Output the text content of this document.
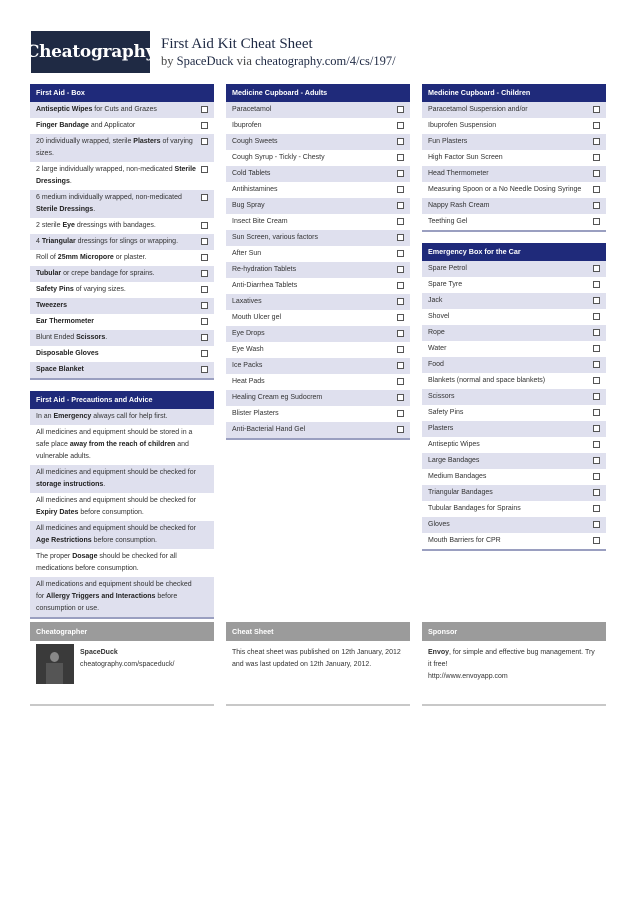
Cheatography First Aid Kit Cheat Sheet
by SpaceDuck via cheatography.com/4/cs/197/
First Aid - Box
Antiseptic Wipes for Cuts and Grazes
Finger Bandage and Applicator
20 individually wrapped, sterile Plasters of varying sizes.
2 large individually wrapped, non-medicated Sterile Dressings.
6 medium individually wrapped, non-medicated Sterile Dressings.
2 sterile Eye dressings with bandages.
4 Triangular dressings for slings or wrapping.
Roll of 25mm Micropore or plaster.
Tubular or crepe bandage for sprains.
Safety Pins of varying sizes.
Tweezers
Ear Thermometer
Blunt Ended Scissors.
Disposable Gloves
Space Blanket
First Aid - Precautions and Advice
In an Emergency always call for help first.
All medicines and equipment should be stored in a safe place away from the reach of children and vulnerable adults.
All medicines and equipment should be checked for storage instructions.
All medicines and equipment should be checked for Expiry Dates before consumption.
All medicines and equipment should be checked for Age Restrictions before consumption.
The proper Dosage should be checked for all medications before consumption.
All medications and equipment should be checked for Allergy Triggers and Interactions before consumption or use.
Medicine Cupboard - Adults
Paracetamol
Ibuprofen
Cough Sweets
Cough Syrup - Tickly - Chesty
Cold Tablets
Antihistamines
Bug Spray
Insect Bite Cream
Sun Screen, various factors
After Sun
Re-hydration Tablets
Anti-Diarrhea Tablets
Laxatives
Mouth Ulcer gel
Eye Drops
Eye Wash
Ice Packs
Heat Pads
Healing Cream eg Sudocrem
Blister Plasters
Anti-Bacterial Hand Gel
Medicine Cupboard - Children
Paracetamol Suspension and/or
Ibuprofen Suspension
Fun Plasters
High Factor Sun Screen
Head Thermometer
Measuring Spoon or a No Needle Dosing Syringe
Nappy Rash Cream
Teething Gel
Emergency Box for the Car
Spare Petrol
Spare Tyre
Jack
Shovel
Rope
Water
Food
Blankets (normal and space blankets)
Scissors
Safety Pins
Plasters
Antiseptic Wipes
Large Bandages
Medium Bandages
Triangular Bandages
Tubular Bandages for Sprains
Gloves
Mouth Barriers for CPR
Cheatographer
SpaceDuck
cheatography.com/spaceduck/
Cheat Sheet
This cheat sheet was published on 12th January, 2012 and was last updated on 12th January, 2012.
Sponsor
Envoy, for simple and effective bug management. Try it free!
http://www.envoyapp.com
